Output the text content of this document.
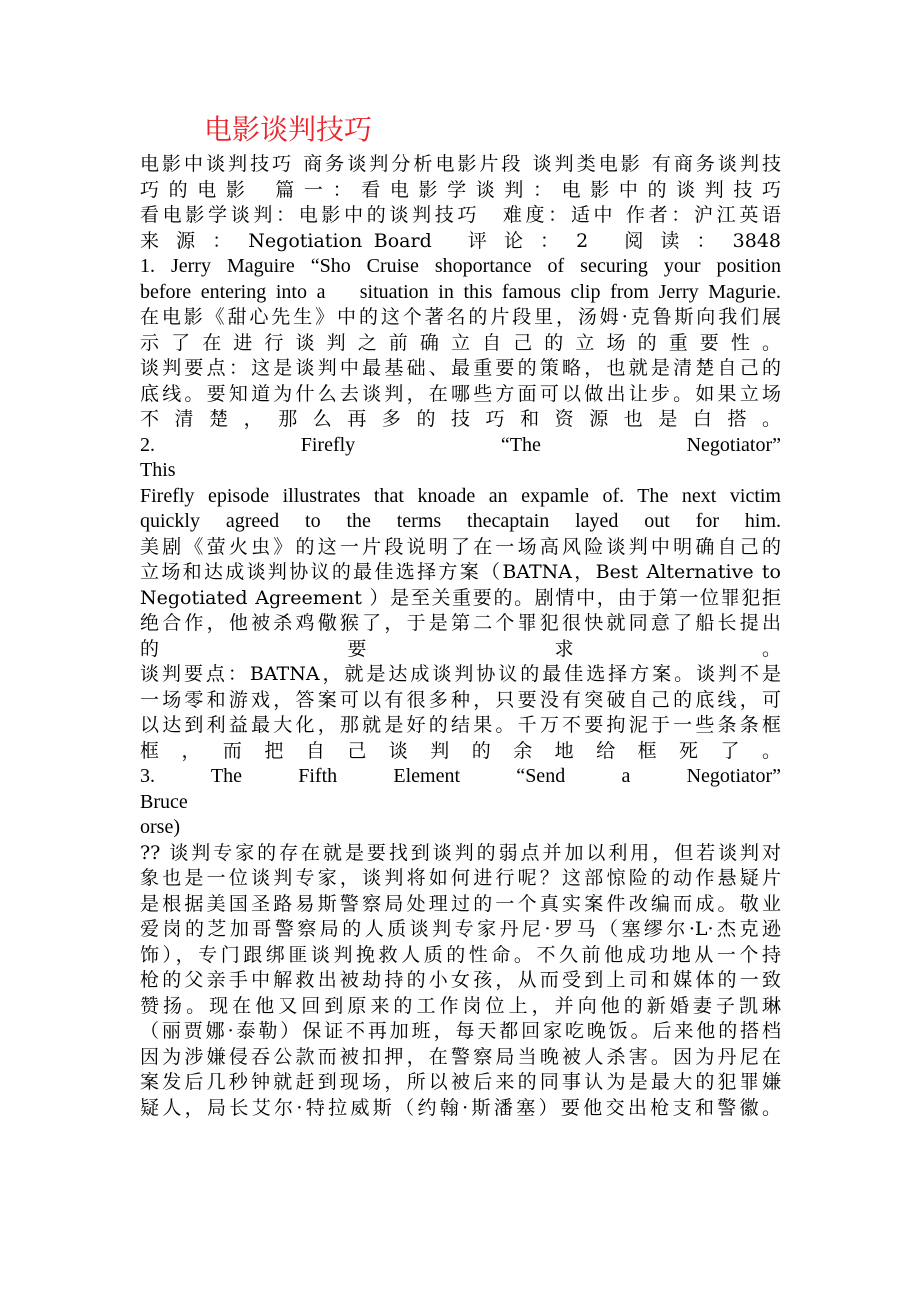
电影谈判技巧
电影中谈判技巧 商务谈判分析电影片段 谈判类电影 有商务谈判技
巧 的 电 影 　篇 一 ： 看 电 影 学 谈 判 ： 电 影 中 的 谈 判 技 巧
看电影学谈判：电影中的谈判技巧　难度：适中 作者：沪江英语
来 源 ： Negotiation Board 　评 论 ： 2 　阅 读 ： 3848
1. Jerry Maguire “Sho Cruise shoportance of securing your position
before entering into a 　situation in this famous clip from Jerry Magurie.
在电影《甜心先生》中的这个著名的片段里，汤姆·克鲁斯向我们展
示 了 在 进 行 谈 判 之 前 确 立 自 己 的 立 场 的 重 要 性 。
谈判要点：这是谈判中最基础、最重要的策略，也就是清楚自己的
底线。要知道为什么去谈判，在哪些方面可以做出让步。如果立场
不 清 楚 ， 那 么 再 多 的 技 巧 和 资 源 也 是 白 搭 。
2. Firefly “The Negotiator”
This
Firefly episode illustrates that knoade an expamle of. The next victim
quickly agreed to the terms thecaptain layed out for him.
美剧《萤火虫》的这一片段说明了在一场高风险谈判中明确自己的
立场和达成谈判协议的最佳选择方案（BATNA，Best Alternative to
Negotiated Agreement ）是至关重要的。剧情中，由于第一位罪犯拒
绝合作，他被杀鸡儆猴了，于是第二个罪犯很快就同意了船长提出
的 要 求 。
谈判要点：BATNA，就是达成谈判协议的最佳选择方案。谈判不是
一场零和游戏，答案可以有很多种，只要没有突破自己的底线，可
以达到利益最大化，那就是好的结果。千万不要拘泥于一些条条框
框 ， 而 把 自 己 谈 判 的 余 地 给 框 死 了 。
3. The Fifth Element “Send a Negotiator”
Bruce
orse)
?? 谈判专家的存在就是要找到谈判的弱点并加以利用，但若谈判对
象也是一位谈判专家，谈判将如何进行呢？这部惊险的动作悬疑片
是根据美国圣路易斯警察局处理过的一个真实案件改编而成。敬业
爱岗的芝加哥警察局的人质谈判专家丹尼·罗马（塞缪尔·L·杰克逊
饰），专门跟绑匪谈判挽救人质的性命。不久前他成功地从一个持
枪的父亲手中解救出被劫持的小女孩，从而受到上司和媒体的一致
赞扬。现在他又回到原来的工作岗位上，并向他的新婚妻子凯琳
（丽贾娜·泰勒）保证不再加班，每天都回家吃晚饭。后来他的搭档
因为涉嫌侵吞公款而被扣押，在警察局当晚被人杀害。因为丹尼在
案发后几秒钟就赶到现场，所以被后来的同事认为是最大的犯罪嫌
疑人，局长艾尔·特拉威斯（约翰·斯潘塞）要他交出枪支和警徽。
